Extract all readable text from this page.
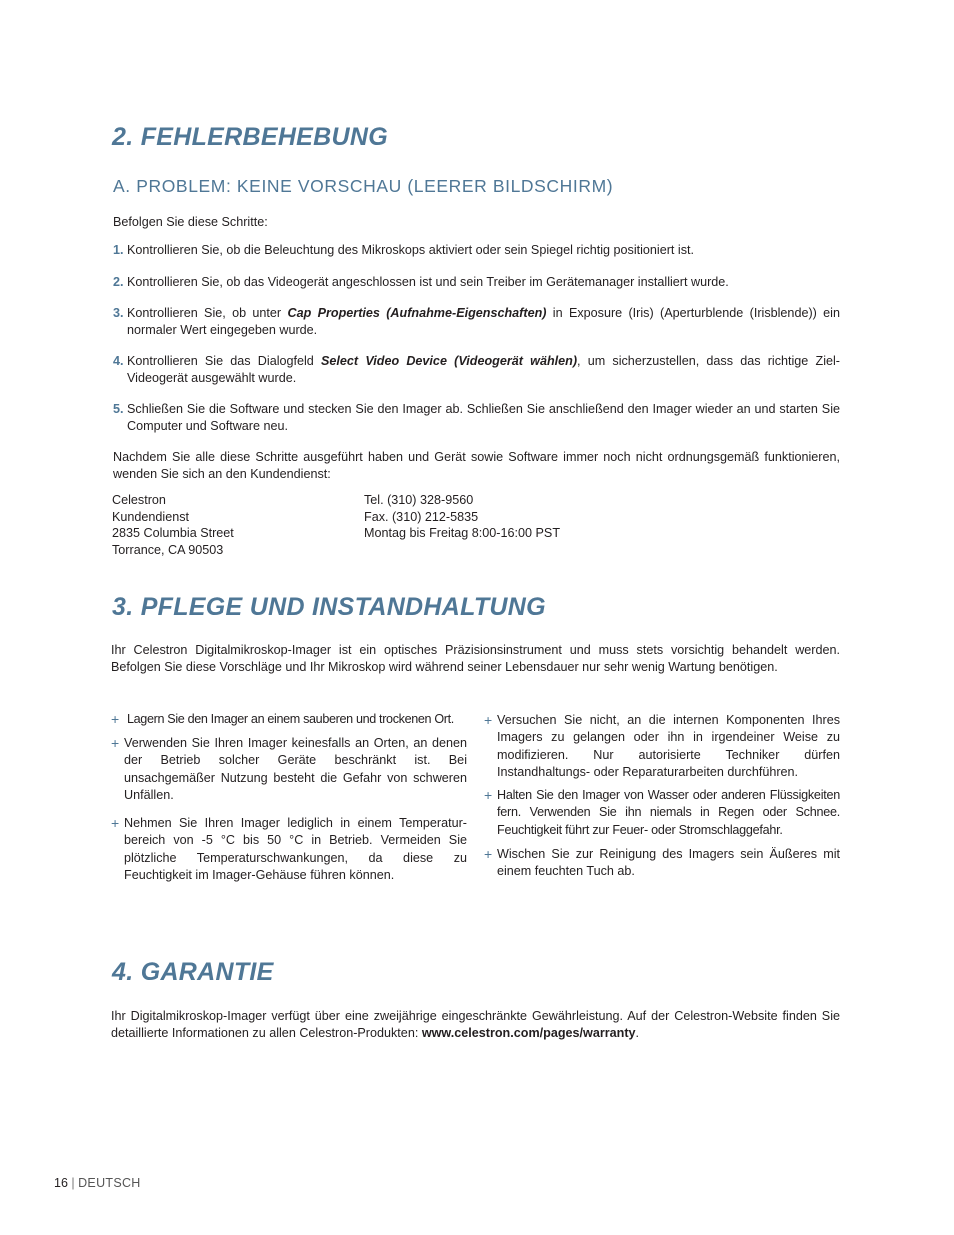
2. FEHLERBEHEBUNG
A. PROBLEM: KEINE VORSCHAU (LEERER BILDSCHIRM)
Befolgen Sie diese Schritte:
1. Kontrollieren Sie, ob die Beleuchtung des Mikroskops aktiviert oder sein Spiegel richtig positioniert ist.
2. Kontrollieren Sie, ob das Videogerät angeschlossen ist und sein Treiber im Gerätemanager installiert wurde.
3. Kontrollieren Sie, ob unter Cap Properties (Aufnahme-Eigenschaften) in Exposure (Iris) (Aperturblende (Irisblende)) ein normaler Wert eingegeben wurde.
4. Kontrollieren Sie das Dialogfeld Select Video Device (Videogerät wählen), um sicherzustellen, dass das richtige Ziel-Videogerät ausgewählt wurde.
5. Schließen Sie die Software und stecken Sie den Imager ab. Schließen Sie anschließend den Imager wieder an und starten Sie Computer und Software neu.
Nachdem Sie alle diese Schritte ausgeführt haben und Gerät sowie Software immer noch nicht ordnungsgemäß funktionieren, wenden Sie sich an den Kundendienst:
Celestron
Kundendienst
2835 Columbia Street
Torrance, CA 90503
Tel. (310) 328-9560
Fax. (310) 212-5835
Montag bis Freitag 8:00-16:00 PST
3. PFLEGE UND INSTANDHALTUNG
Ihr Celestron Digitalmikroskop-Imager ist ein optisches Präzisionsinstrument und muss stets vorsichtig behandelt werden. Befolgen Sie diese Vorschläge und Ihr Mikroskop wird während seiner Lebensdauer nur sehr wenig Wartung benötigen.
+ Lagern Sie den Imager an einem sauberen und trockenen Ort.
+ Verwenden Sie Ihren Imager keinesfalls an Orten, an denen der Betrieb solcher Geräte beschränkt ist. Bei unsachgemäßer Nutzung besteht die Gefahr von schweren Unfällen.
+ Nehmen Sie Ihren Imager lediglich in einem Temperatur-bereich von -5 °C bis 50 °C in Betrieb. Vermeiden Sie plötzliche Temperaturschwankungen, da diese zu Feuchtigkeit im Imager-Gehäuse führen können.
+ Versuchen Sie nicht, an die internen Komponenten Ihres Imagers zu gelangen oder ihn in irgendeiner Weise zu modifizieren. Nur autorisierte Techniker dürfen Instandhaltungs- oder Reparaturarbeiten durchführen.
+ Halten Sie den Imager von Wasser oder anderen Flüssigkeiten fern. Verwenden Sie ihn niemals in Regen oder Schnee. Feuchtigkeit führt zur Feuer- oder Stromschlaggefahr.
+ Wischen Sie zur Reinigung des Imagers sein Äußeres mit einem feuchten Tuch ab.
4. GARANTIE
Ihr Digitalmikroskop-Imager verfügt über eine zweijährige eingeschränkte Gewährleistung. Auf der Celestron-Website finden Sie detaillierte Informationen zu allen Celestron-Produkten: www.celestron.com/pages/warranty.
16 | DEUTSCH
